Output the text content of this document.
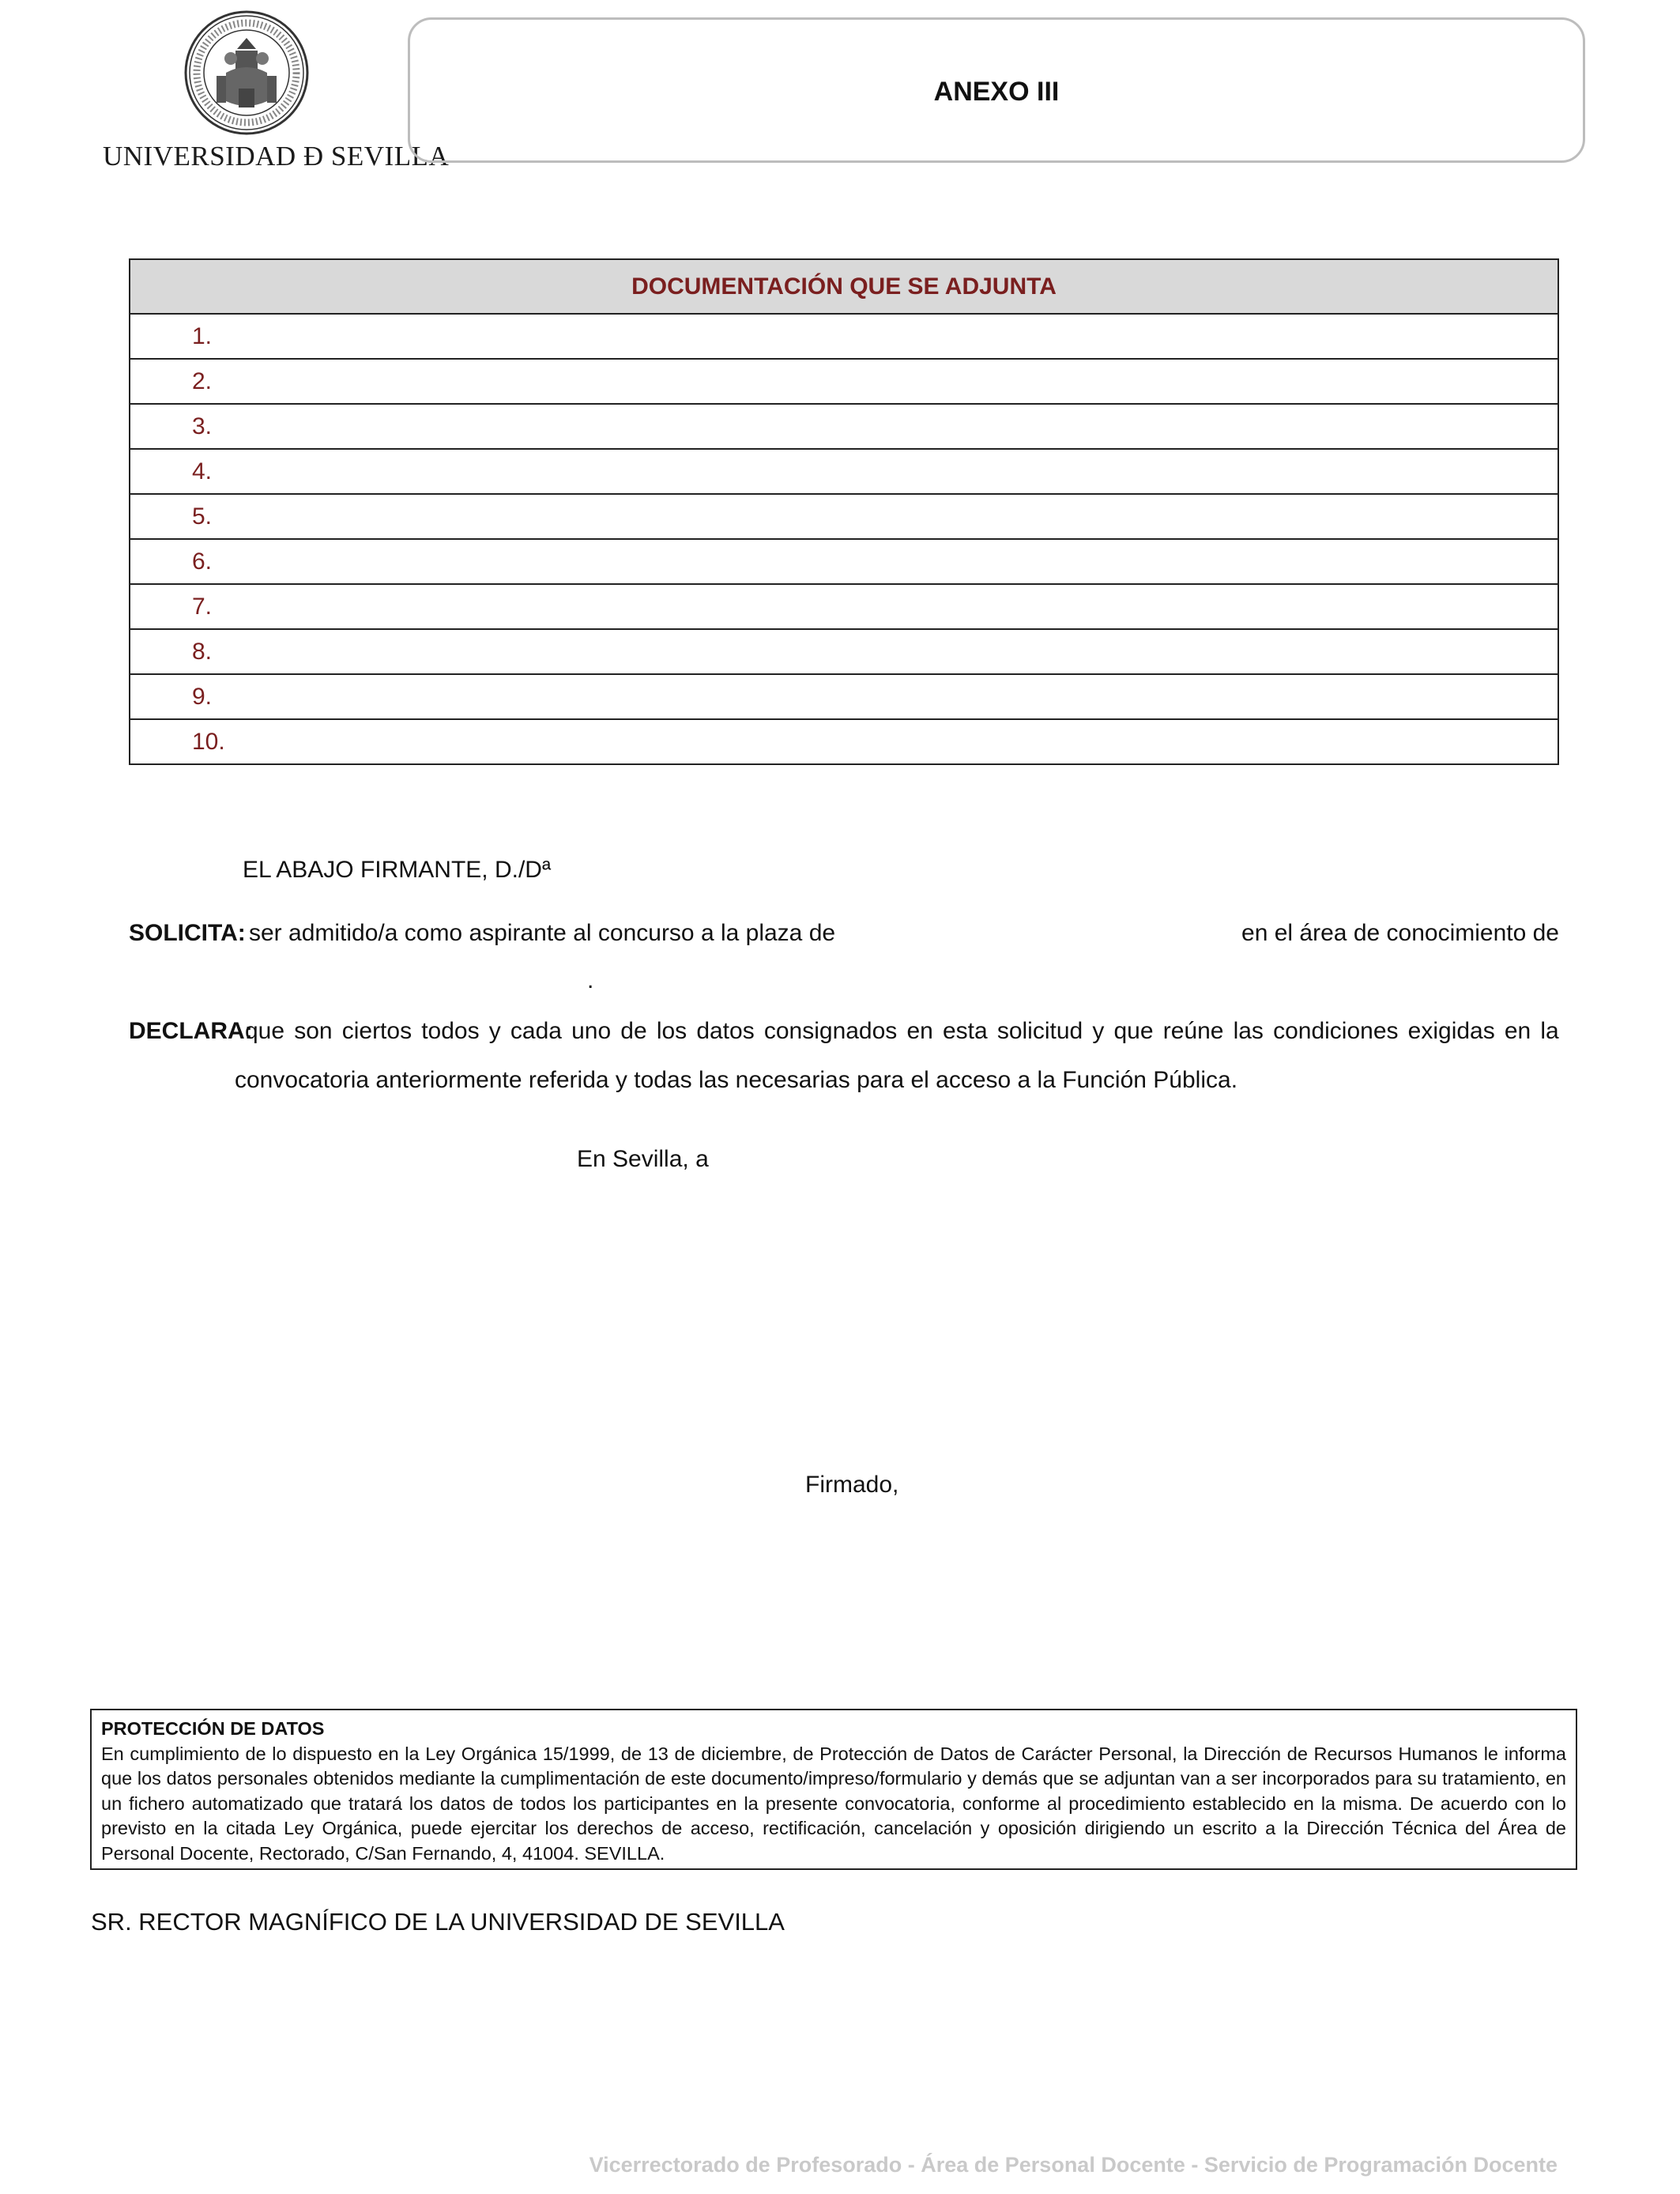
UNIVERSIDAD Ð SEVILLA
ANEXO III
DOCUMENTACIÓN QUE SE ADJUNTA
1.
2.
3.
4.
5.
6.
7.
8.
9.
10.
EL ABAJO FIRMANTE, D./Dª
SOLICITA: ser admitido/a como aspirante al concurso a la plaza de	en el área de conocimiento de
.
DECLARA:
que son ciertos todos y cada uno de los datos consignados en esta solicitud y que reúne las condiciones exigidas en la
convocatoria anteriormente referida y todas las necesarias para el acceso a la Función Pública.
En Sevilla, a
Firmado,
PROTECCIÓN DE DATOS
En cumplimiento de lo dispuesto en la Ley Orgánica 15/1999, de 13 de diciembre, de Protección de Datos de Carácter Personal, la Dirección de Recursos Humanos le informa que los datos personales obtenidos mediante la cumplimentación de este documento/impreso/formulario y demás que se adjuntan van a ser incorporados para su tratamiento, en un fichero automatizado que tratará los datos de todos los participantes en la presente convocatoria, conforme al procedimiento establecido en la misma. De acuerdo con lo previsto en la citada Ley Orgánica, puede ejercitar los derechos de acceso, rectificación, cancelación y oposición dirigiendo un escrito a la Dirección Técnica del Área de Personal Docente, Rectorado, C/San Fernando, 4, 41004. SEVILLA.
SR. RECTOR MAGNÍFICO DE LA UNIVERSIDAD DE SEVILLA
Vicerrectorado de Profesorado - Área de Personal Docente - Servicio de Programación Docente
